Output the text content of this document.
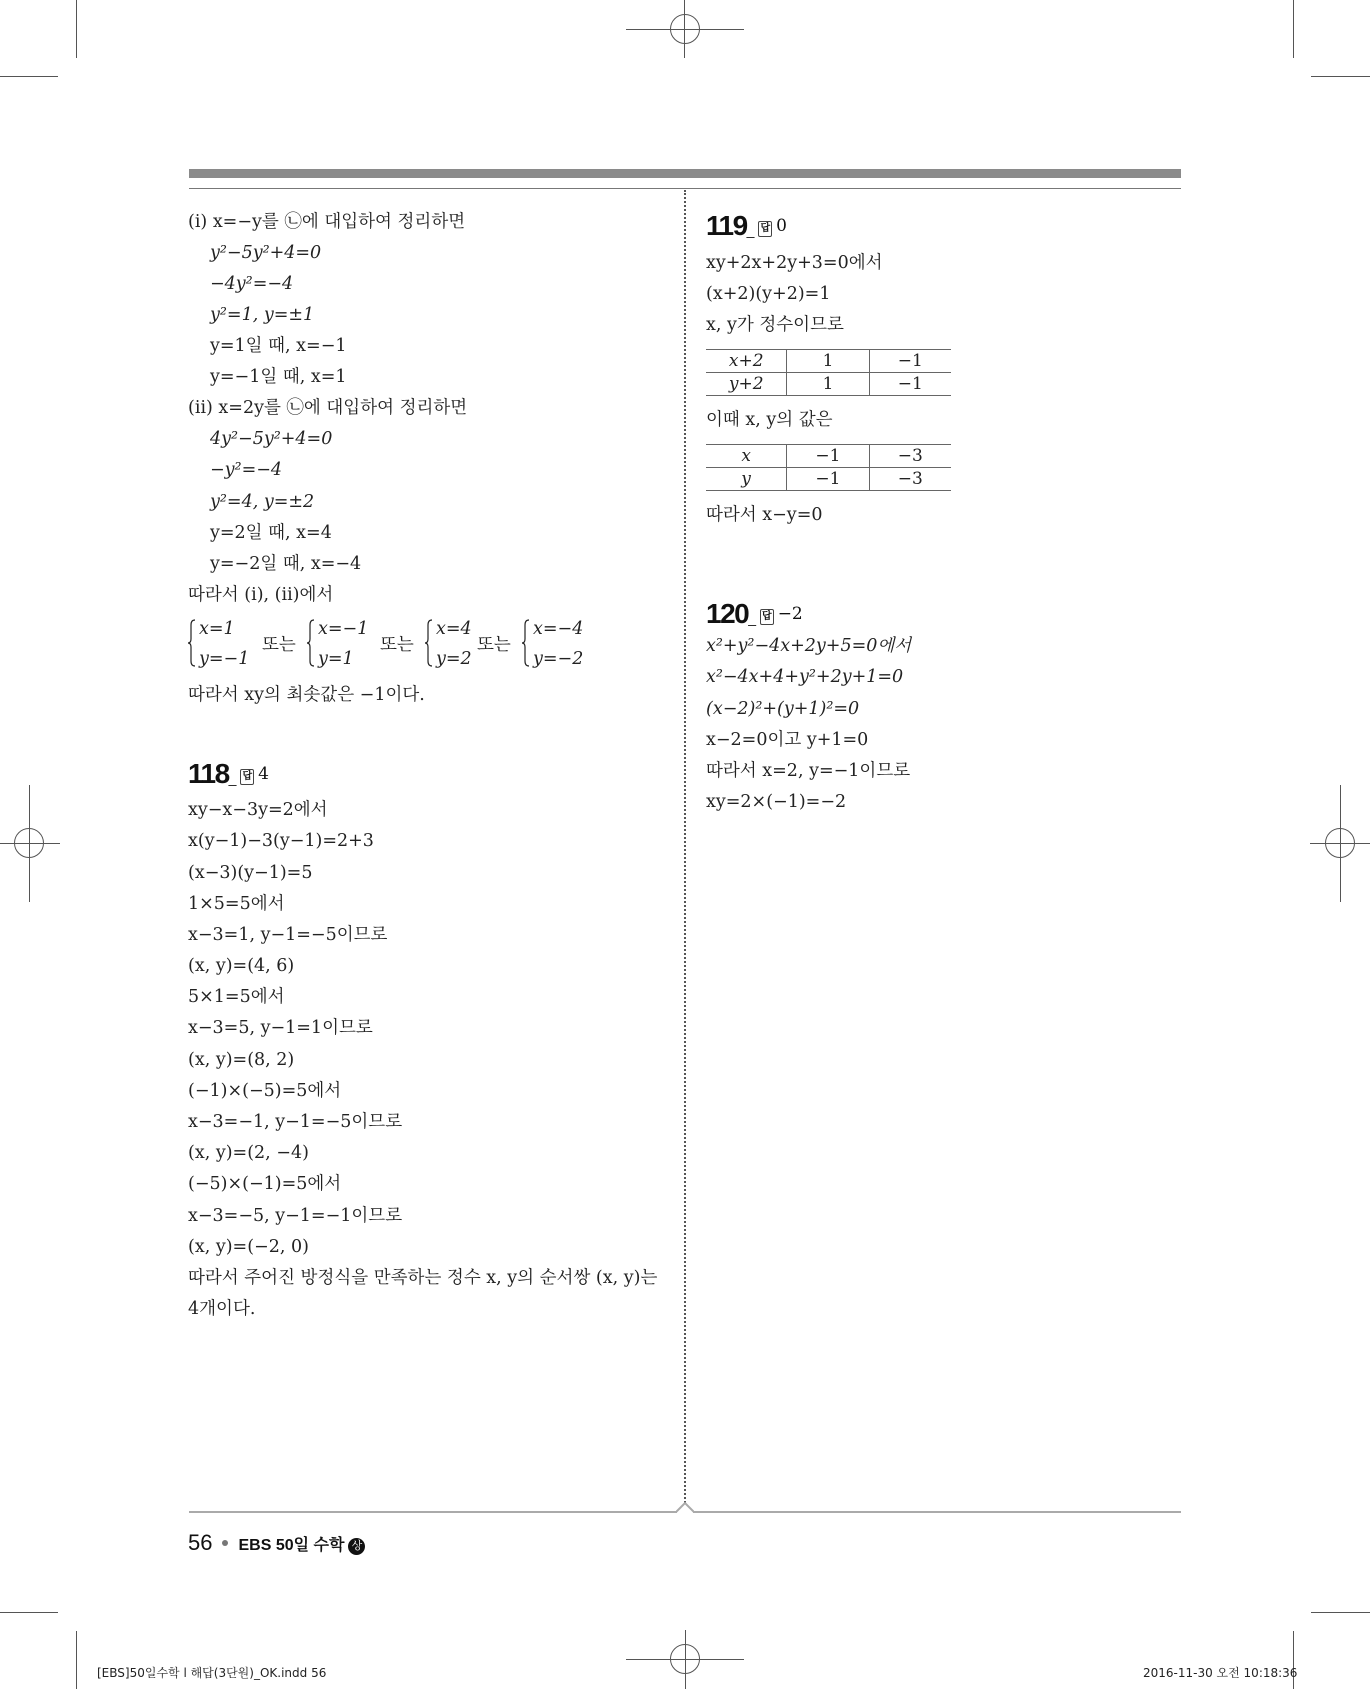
(ⅰ) x=−y를 ㉡에 대입하여 정리하면
y²−5y²+4=0
−4y²=−4
y²=1, y=±1
y=1일 때, x=−1
y=−1일 때, x=1
(ⅱ) x=2y를 ㉡에 대입하여 정리하면
4y²−5y²+4=0
−y²=−4
y²=4, y=±2
y=2일 때, x=4
y=−2일 때, x=−4
따라서 (ⅰ), (ⅱ)에서
x=1
y=−1
또는
x=−1
y=1
또는
x=4
y=2
또는
x=−4
y=−2
따라서 xy의 최솟값은 −1이다.
118_ 답 4
xy−x−3y=2에서
x(y−1)−3(y−1)=2+3
(x−3)(y−1)=5
1×5=5에서
x−3=1, y−1=−5이므로
(x, y)=(4, 6)
5×1=5에서
x−3=5, y−1=1이므로
(x, y)=(8, 2)
(−1)×(−5)=5에서
x−3=−1, y−1=−5이므로
(x, y)=(2, −4)
(−5)×(−1)=5에서
x−3=−5, y−1=−1이므로
(x, y)=(−2, 0)
따라서 주어진 방정식을 만족하는 정수 x, y의 순서쌍 (x, y)는
4개이다.
119_ 답 0
xy+2x+2y+3=0에서
(x+2)(y+2)=1
x, y가 정수이므로
x+2	1	−1
y+2	1	−1
이때 x, y의 값은
x	−1	−3
y	−1	−3
따라서 x−y=0
120_ 답 −2
x²+y²−4x+2y+5=0에서
x²−4x+4+y²+2y+1=0
(x−2)²+(y+1)²=0
x−2=0이고 y+1=0
따라서 x=2, y=−1이므로
xy=2×(−1)=−2
56 EBS 50일 수학 상
[EBS]50일수학 l 해답(3단원)_OK.indd 56	2016-11-30 오전 10:18:36
